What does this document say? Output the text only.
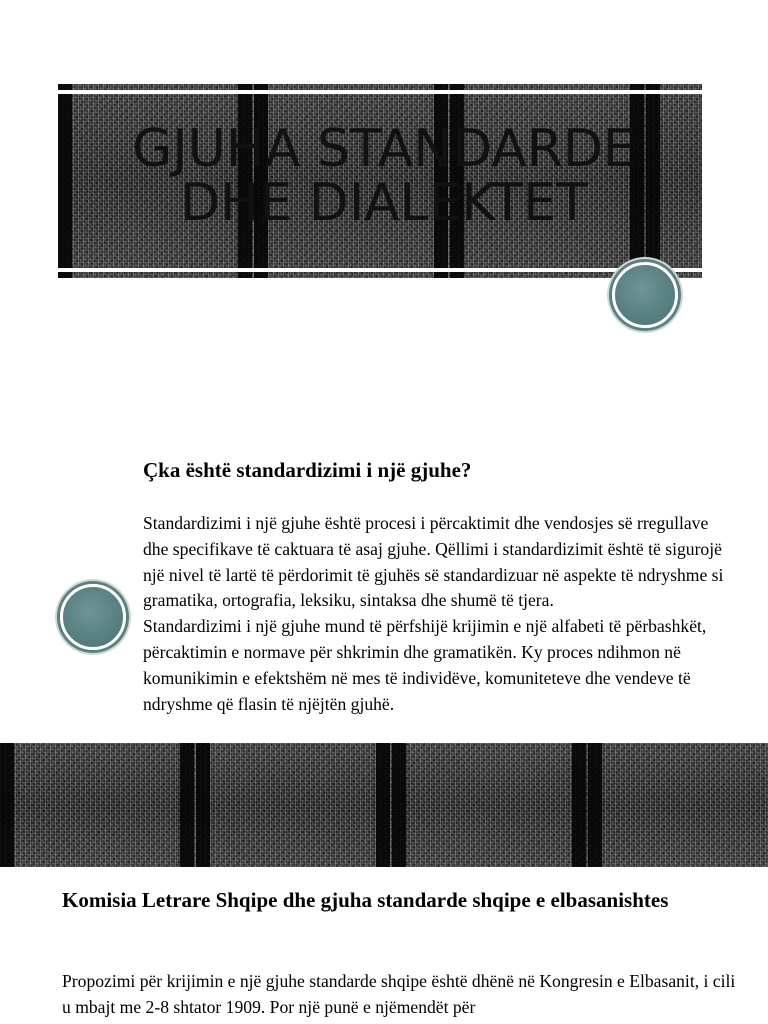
GJUHA STANDARDE
DHE DIALEKTET
Çka është standardizimi i një gjuhe?

Standardizimi i një gjuhe është procesi i përcaktimit dhe vendosjes së rregullave dhe specifikave të caktuara të asaj gjuhe. Qëllimi i standardizimit është të sigurojë një nivel të lartë të përdorimit të gjuhës së standardizuar në aspekte të ndryshme si gramatika, ortografia, leksiku, sintaksa dhe shumë të tjera.

Standardizimi i një gjuhe mund të përfshijë krijimin e një alfabeti të përbashkët, përcaktimin e normave për shkrimin dhe gramatikën. Ky proces ndihmon në komunikimin e efektshëm në mes të individëve, komuniteteve dhe vendeve të ndryshme që flasin të njëjtën gjuhë.

Komisia Letrare Shqipe dhe gjuha standarde shqipe e elbasanishtes

Propozimi për krijimin e një gjuhe standarde shqipe është dhënë në Kongresin e Elbasanit, i cili u mbajt me 2-8 shtator 1909. Por një punë e njëmendët për
